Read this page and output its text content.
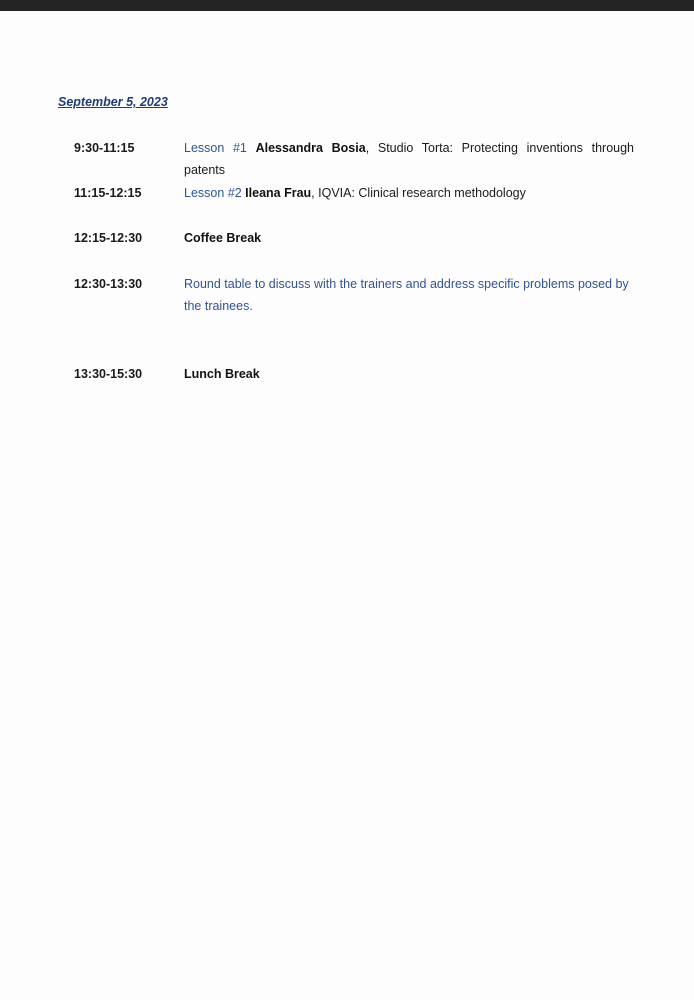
September 5, 2023
9:30-11:15	Lesson #1 Alessandra Bosia, Studio Torta: Protecting inventions through patents
11:15-12:15	Lesson #2 Ileana Frau, IQVIA: Clinical research methodology
12:15-12:30	Coffee Break
12:30-13:30	Round table to discuss with the trainers and address specific problems posed by the trainees.
13:30-15:30	Lunch Break
